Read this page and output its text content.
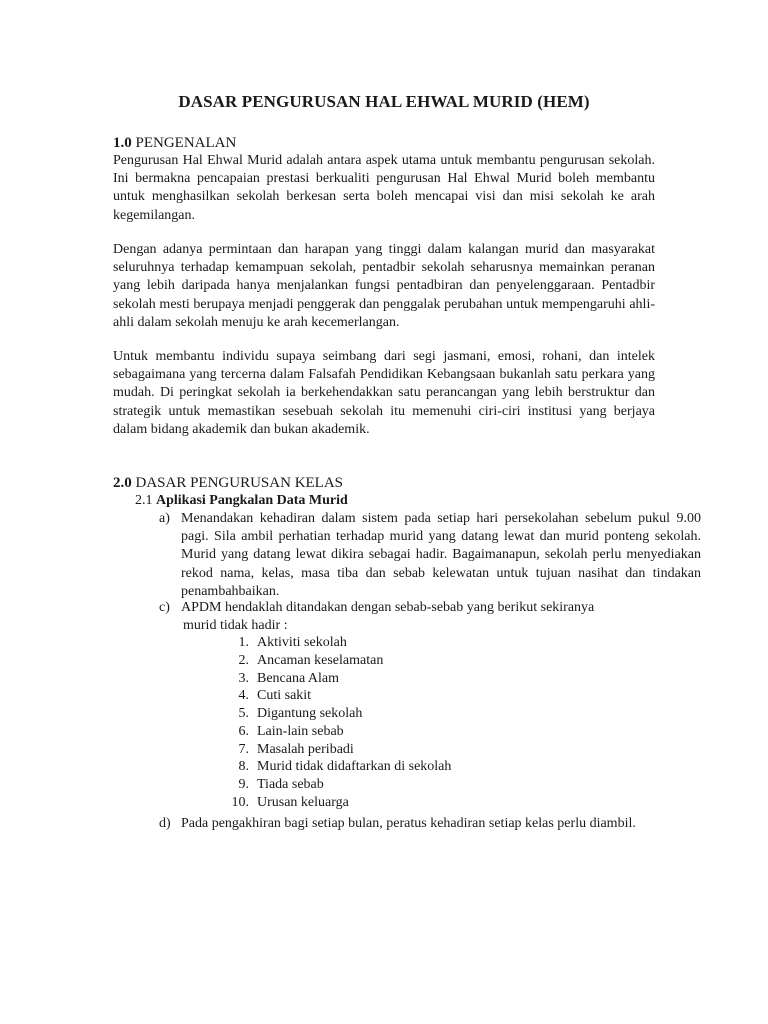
DASAR PENGURUSAN HAL EHWAL MURID (HEM)
1.0 PENGENALAN
Pengurusan Hal Ehwal Murid adalah antara aspek utama untuk membantu pengurusan sekolah. Ini bermakna pencapaian prestasi berkualiti pengurusan Hal Ehwal Murid boleh membantu untuk menghasilkan sekolah berkesan serta boleh mencapai visi dan misi sekolah ke arah kegemilangan.
Dengan adanya permintaan dan harapan yang tinggi dalam kalangan murid dan masyarakat seluruhnya terhadap kemampuan sekolah, pentadbir sekolah seharusnya memainkan peranan yang lebih daripada hanya menjalankan fungsi pentadbiran dan penyelenggaraan. Pentadbir sekolah mesti berupaya menjadi penggerak dan penggalak perubahan untuk mempengaruhi ahli-ahli dalam sekolah menuju ke arah kecemerlangan.
Untuk membantu individu supaya seimbang dari segi jasmani, emosi, rohani, dan intelek sebagaimana yang tercerna dalam Falsafah Pendidikan Kebangsaan bukanlah satu perkara yang mudah. Di peringkat sekolah ia berkehendakkan satu perancangan yang lebih berstruktur dan strategik untuk memastikan sesebuah sekolah itu memenuhi ciri-ciri institusi yang berjaya dalam bidang akademik dan bukan akademik.
2.0 DASAR PENGURUSAN KELAS
2.1 Aplikasi Pangkalan Data Murid
a) Menandakan kehadiran dalam sistem pada setiap hari persekolahan sebelum pukul 9.00 pagi. Sila ambil perhatian terhadap murid yang datang lewat dan murid ponteng sekolah. Murid yang datang lewat dikira sebagai hadir. Bagaimanapun, sekolah perlu menyediakan rekod nama, kelas, masa tiba dan sebab kelewatan untuk tujuan nasihat dan tindakan penambahbaikan.
c) APDM hendaklah ditandakan dengan sebab-sebab yang berikut sekiranya
murid tidak hadir :
1. Aktiviti sekolah
2. Ancaman keselamatan
3. Bencana Alam
4. Cuti sakit
5. Digantung sekolah
6. Lain-lain sebab
7. Masalah peribadi
8. Murid tidak didaftarkan di sekolah
9. Tiada sebab
10. Urusan keluarga
d) Pada pengakhiran bagi setiap bulan, peratus kehadiran setiap kelas perlu diambil.
